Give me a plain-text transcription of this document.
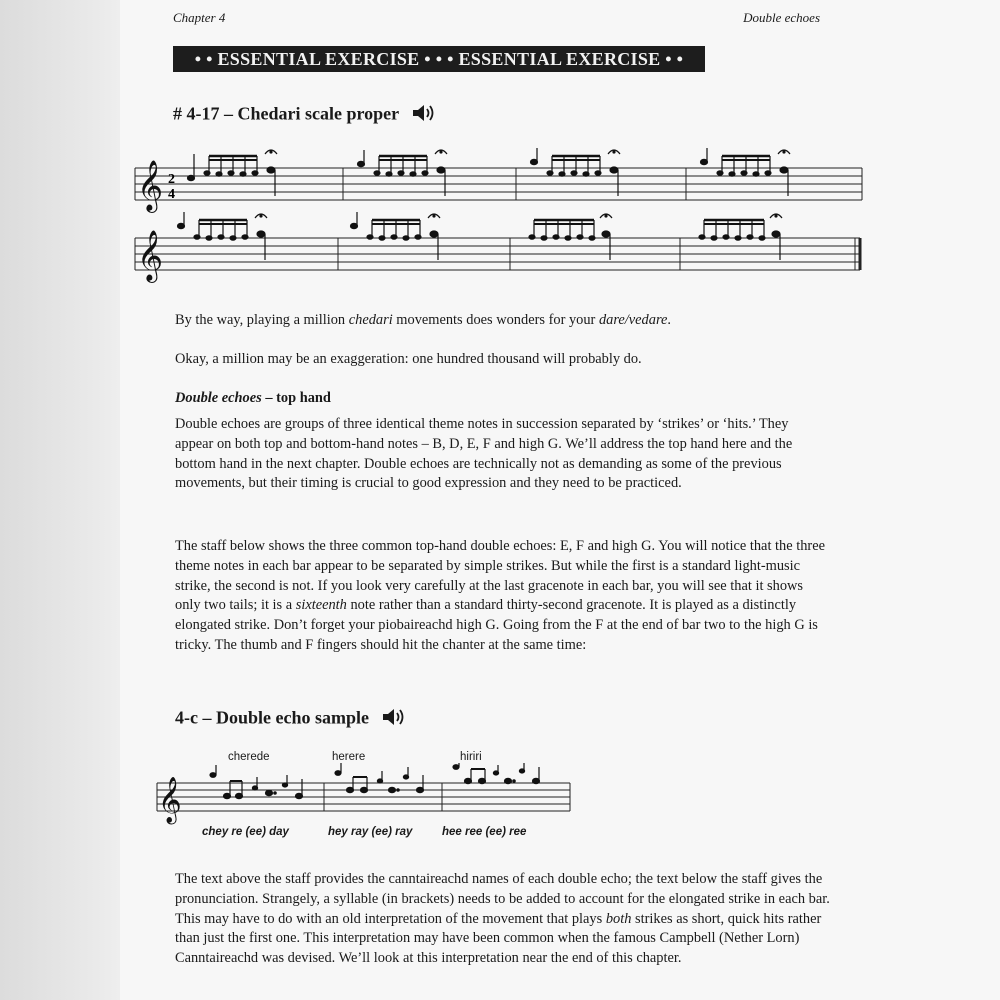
Chapter 4	Double echoes
• • ESSENTIAL EXERCISE • • • ESSENTIAL EXERCISE • •
# 4-17 – Chedari scale proper
𝄞 2
4
𝄞

By the way, playing a million chedari movements does wonders for your dare/vedare.

Okay, a million may be an exaggeration: one hundred thousand will probably do.

Double echoes – top hand

Double echoes are groups of three identical theme notes in succession separated by ‘strikes’ or ‘hits.’ They appear on both top and bottom-hand notes – B, D, E, F and high G. We’ll address the top hand here and the bottom hand in the next chapter. Double echoes are technically not as demanding as some of the previous movements, but their timing is crucial to good expression and they need to be practiced.

The staff below shows the three common top-hand double echoes: E, F and high G. You will notice that the three theme notes in each bar appear to be separated by simple strikes. But while the first is a standard light-music strike, the second is not. If you look very carefully at the last gracenote in each bar, you will see that it shows only two tails; it is a sixteenth note rather than a standard thirty-second gracenote. It is played as a distinctly elongated strike. Don’t forget your piobaireachd high G. Going from the F at the end of bar two to the high G is tricky. The thumb and F fingers should hit the chanter at the same time:

4-c – Double echo sample
cherede	herere	hiriri
𝄞
chey re (ee) day	hey ray (ee) ray	hee ree (ee) ree

The text above the staff provides the canntaireachd names of each double echo; the text below the staff gives the pronunciation. Strangely, a syllable (in brackets) needs to be added to account for the elongated strike in each bar. This may have to do with an old interpretation of the movement that plays both strikes as short, quick hits rather than just the first one. This interpretation may have been common when the famous Campbell (Nether Lorn) Canntaireachd was devised. We’ll look at this interpretation near the end of this chapter.
